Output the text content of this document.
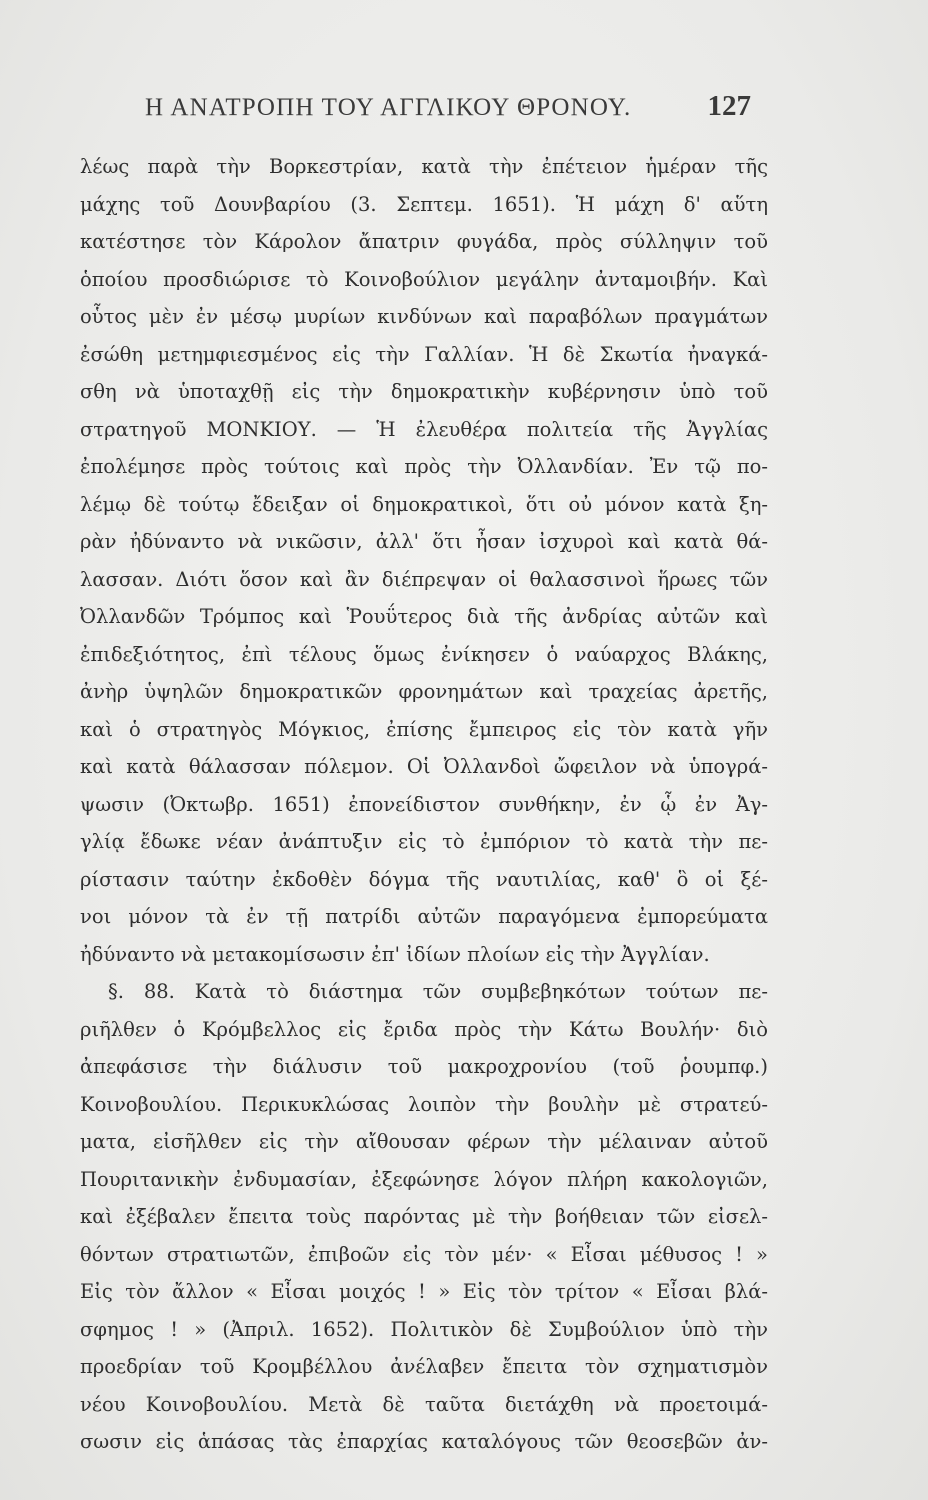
Η ΑΝΑΤΡΟΠΗ ΤΟΥ ΑΓΓΛΙΚΟΥ ΘΡΟΝΟΥ.	127
λέως παρὰ τὴν Βορκεστρίαν, κατὰ τὴν ἐπέτειον ἡμέραν τῆς
μάχης τοῦ Δουνβαρίου (3. Σεπτεμ. 1651). Ἡ μάχη δ' αὕτη
κατέστησε τὸν Κάρολον ἄπατριν φυγάδα, πρὸς σύλληψιν τοῦ
ὁποίου προσδιώρισε τὸ Κοινοβούλιον μεγάλην ἀνταμοιβήν. Καὶ
οὗτος μὲν ἐν μέσῳ μυρίων κινδύνων καὶ παραβόλων πραγμάτων
ἐσώθη μετημφιεσμένος εἰς τὴν Γαλλίαν. Ἡ δὲ Σκωτία ἠναγκά-
σθη νὰ ὑποταχθῇ εἰς τὴν δημοκρατικὴν κυβέρνησιν ὑπὸ τοῦ
στρατηγοῦ ΜΟΝΚΙΟΥ. — Ἡ ἐλευθέρα πολιτεία τῆς Ἀγγλίας
ἐπολέμησε πρὸς τούτοις καὶ πρὸς τὴν Ὀλλανδίαν. Ἐν τῷ πο-
λέμῳ δὲ τούτῳ ἔδειξαν οἱ δημοκρατικοὶ, ὅτι οὐ μόνον κατὰ ξη-
ρὰν ἠδύναντο νὰ νικῶσιν, ἀλλ' ὅτι ἦσαν ἰσχυροὶ καὶ κατὰ θά-
λασσαν. Διότι ὅσον καὶ ἂν διέπρεψαν οἱ θαλασσινοὶ ἥρωες τῶν
Ὀλλανδῶν Τρόμπος καὶ Ῥουΰτερος διὰ τῆς ἀνδρίας αὐτῶν καὶ
ἐπιδεξιότητος, ἐπὶ τέλους ὅμως ἐνίκησεν ὁ ναύαρχος Βλάκης,
ἀνὴρ ὑψηλῶν δημοκρατικῶν φρονημάτων καὶ τραχείας ἀρετῆς,
καὶ ὁ στρατηγὸς Μόγκιος, ἐπίσης ἔμπειρος εἰς τὸν κατὰ γῆν
καὶ κατὰ θάλασσαν πόλεμον. Οἱ Ὀλλανδοὶ ὤφειλον νὰ ὑπογρά-
ψωσιν (Ὀκτωβρ. 1651) ἐπονείδιστον συνθήκην, ἐν ᾧ ἐν Ἀγ-
γλίᾳ ἔδωκε νέαν ἀνάπτυξιν εἰς τὸ ἐμπόριον τὸ κατὰ τὴν πε-
ρίστασιν ταύτην ἐκδοθὲν δόγμα τῆς ναυτιλίας, καθ' ὃ οἱ ξέ-
νοι μόνον τὰ ἐν τῇ πατρίδι αὐτῶν παραγόμενα ἐμπορεύματα
ἠδύναντο νὰ μετακομίσωσιν ἐπ' ἰδίων πλοίων εἰς τὴν Ἀγγλίαν.
§. 88. Κατὰ τὸ διάστημα τῶν συμβεβηκότων τούτων πε-
ριῆλθεν ὁ Κρόμβελλος εἰς ἔριδα πρὸς τὴν Κάτω Βουλήν· διὸ
ἀπεφάσισε τὴν διάλυσιν τοῦ μακροχρονίου (τοῦ ῥουμπφ.)
Κοινοβουλίου. Περικυκλώσας λοιπὸν τὴν βουλὴν μὲ στρατεύ-
ματα, εἰσῆλθεν εἰς τὴν αἴθουσαν φέρων τὴν μέλαιναν αὐτοῦ
Πουριτανικὴν ἐνδυμασίαν, ἐξεφώνησε λόγον πλήρη κακολογιῶν,
καὶ ἐξέβαλεν ἔπειτα τοὺς παρόντας μὲ τὴν βοήθειαν τῶν εἰσελ-
θόντων στρατιωτῶν, ἐπιβοῶν εἰς τὸν μέν· « Εἶσαι μέθυσος ! »
Εἰς τὸν ἄλλον « Εἶσαι μοιχός ! » Εἰς τὸν τρίτον « Εἶσαι βλά-
σφημος ! » (Ἀπριλ. 1652). Πολιτικὸν δὲ Συμβούλιον ὑπὸ τὴν
προεδρίαν τοῦ Κρομβέλλου ἀνέλαβεν ἔπειτα τὸν σχηματισμὸν
νέου Κοινοβουλίου. Μετὰ δὲ ταῦτα διετάχθη νὰ προετοιμά-
σωσιν εἰς ἁπάσας τὰς ἐπαρχίας καταλόγους τῶν θεοσεβῶν ἀν-
